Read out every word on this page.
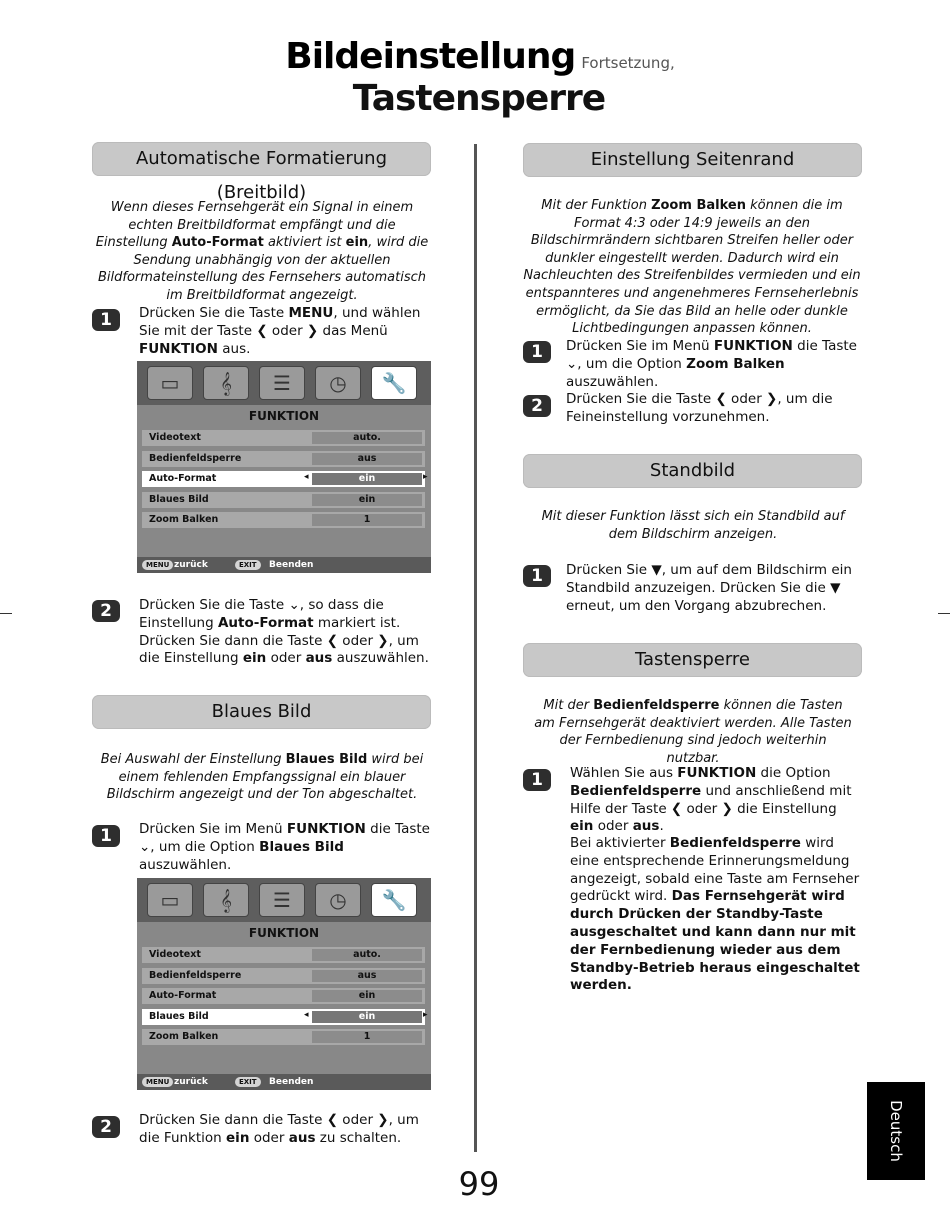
Bildeinstellung Fortsetzung,
Tastensperre
Automatische Formatierung (Breitbild)
Wenn dieses Fernsehgerät ein Signal in einem echten Breitbildformat empfängt und die Einstellung Auto-Format aktiviert ist ein, wird die Sendung unabhängig von der aktuellen Bildformateinstellung des Fernsehers automatisch im Breitbildformat angezeigt.
1	Drücken Sie die Taste MENU, und wählen Sie mit der Taste ❮ oder ❯ das Menü FUNKTION aus.
▭	𝄞	☰	◷	🔧
FUNKTION
Videotext	auto.
Bedienfeldsperre	aus
Auto-Format	ein
◂	▸
Blaues Bild	ein
Zoom Balken	1
MENU zurück	EXIT	Beenden
2	Drücken Sie die Taste ⌄, so dass die Einstellung Auto-Format markiert ist. Drücken Sie dann die Taste ❮ oder ❯, um die Einstellung ein oder aus auszuwählen.
Blaues Bild
Bei Auswahl der Einstellung Blaues Bild wird bei einem fehlenden Empfangssignal ein blauer Bildschirm angezeigt und der Ton abgeschaltet.
1	Drücken Sie im Menü FUNKTION die Taste ⌄, um die Option Blaues Bild auszuwählen.
▭	𝄞	☰	◷	🔧
FUNKTION
Videotext	auto.
Bedienfeldsperre	aus
Auto-Format	ein
Blaues Bild	ein
◂	▸
Zoom Balken	1
MENU zurück	EXIT	Beenden
2	Drücken Sie dann die Taste ❮ oder ❯, um die Funktion ein oder aus zu schalten.
Einstellung Seitenrand
Mit der Funktion Zoom Balken können die im Format 4:3 oder 14:9 jeweils an den Bildschirmrändern sichtbaren Streifen heller oder dunkler eingestellt werden. Dadurch wird ein Nachleuchten des Streifenbildes vermieden und ein entspannteres und angenehmeres Fernseherlebnis ermöglicht, da Sie das Bild an helle oder dunkle Lichtbedingungen anpassen können.
1	Drücken Sie im Menü FUNKTION die Taste ⌄, um die Option Zoom Balken auszuwählen.
2	Drücken Sie die Taste ❮ oder ❯, um die Feineinstellung vorzunehmen.
Standbild
Mit dieser Funktion lässt sich ein Standbild auf dem Bildschirm anzeigen.
1	Drücken Sie ▼, um auf dem Bildschirm ein Standbild anzuzeigen. Drücken Sie die ▼ erneut, um den Vorgang abzubrechen.
Tastensperre
Mit der Bedienfeldsperre können die Tasten am Fernsehgerät deaktiviert werden. Alle Tasten der Fernbedienung sind jedoch weiterhin nutzbar.
1	Wählen Sie aus FUNKTION die Option Bedienfeldsperre und anschließend mit Hilfe der Taste ❮ oder ❯ die Einstellung ein oder aus.
Bei aktivierter Bedienfeldsperre wird eine entsprechende Erinnerungsmeldung angezeigt, sobald eine Taste am Fernseher gedrückt wird. Das Fernsehgerät wird durch Drücken der Standby-Taste ausgeschaltet und kann dann nur mit der Fernbedienung wieder aus dem Standby-Betrieb heraus eingeschaltet werden.
Deutsch
99
